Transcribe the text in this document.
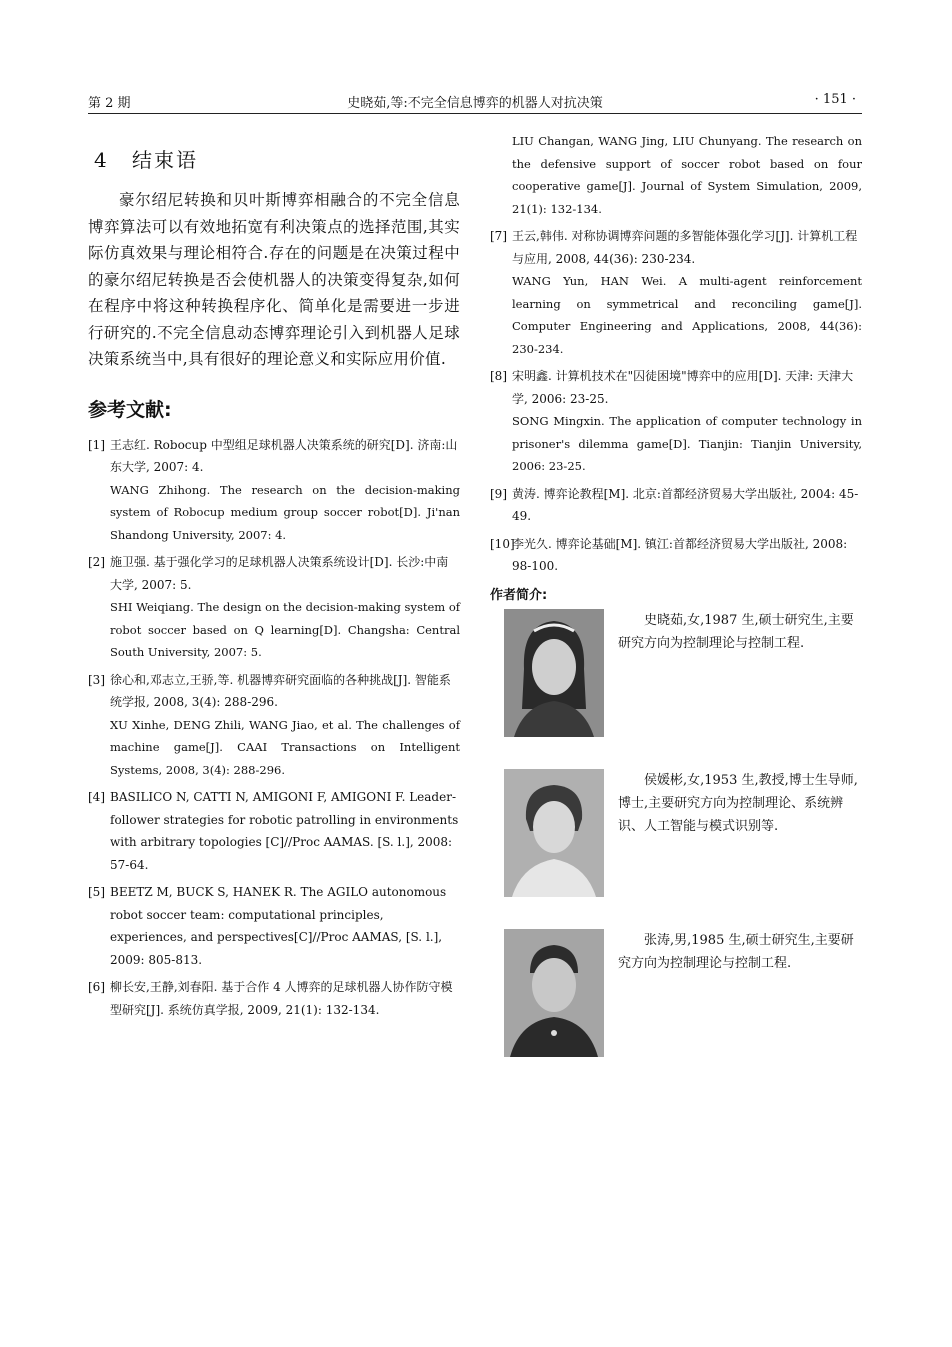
第 2 期	史晓茹,等:不完全信息博弈的机器人对抗决策	· 151 ·
4 结束语

豪尔绍尼转换和贝叶斯博弈相融合的不完全信息博弈算法可以有效地拓宽有利决策点的选择范围,其实际仿真效果与理论相符合.存在的问题是在决策过程中的豪尔绍尼转换是否会使机器人的决策变得复杂,如何在程序中将这种转换程序化、简单化是需要进一步进行研究的.不完全信息动态博弈理论引入到机器人足球决策系统当中,具有很好的理论意义和实际应用价值.

参考文献:
[1] 王志红. Robocup 中型组足球机器人决策系统的研究[D]. 济南:山东大学, 2007: 4.
WANG Zhihong. The research on the decision-making system of Robocup medium group soccer robot[D]. Ji'nan Shandong University, 2007: 4.
[2] 施卫强. 基于强化学习的足球机器人决策系统设计[D]. 长沙:中南大学, 2007: 5.
SHI Weiqiang. The design on the decision-making system of robot soccer based on Q learning[D]. Changsha: Central South University, 2007: 5.
[3] 徐心和,邓志立,王骄,等. 机器博弈研究面临的各种挑战[J]. 智能系统学报, 2008, 3(4): 288-296.
XU Xinhe, DENG Zhili, WANG Jiao, et al. The challenges of machine game[J]. CAAI Transactions on Intelligent Systems, 2008, 3(4): 288-296.
[4] BASILICO N, CATTI N, AMIGONI F, AMIGONI F. Leader-follower strategies for robotic patrolling in environments with arbitrary topologies [C]//Proc AAMAS. [S. l.], 2008: 57-64.
[5] BEETZ M, BUCK S, HANEK R. The AGILO autonomous robot soccer team: computational principles, experiences, and perspectives[C]//Proc AAMAS, [S. l.], 2009: 805-813.
[6] 柳长安,王静,刘春阳. 基于合作 4 人博弈的足球机器人协作防守模型研究[J]. 系统仿真学报, 2009, 21(1): 132-134.
LIU Changan, WANG Jing, LIU Chunyang. The research on the defensive support of soccer robot based on four cooperative game[J]. Journal of System Simulation, 2009, 21(1): 132-134.
[7] 王云,韩伟. 对称协调博弈问题的多智能体强化学习[J]. 计算机工程与应用, 2008, 44(36): 230-234.
WANG Yun, HAN Wei. A multi-agent reinforcement learning on symmetrical and reconciling game[J]. Computer Engineering and Applications, 2008, 44(36): 230-234.
[8] 宋明鑫. 计算机技术在"囚徒困境"博弈中的应用[D]. 天津: 天津大学, 2006: 23-25.
SONG Mingxin. The application of computer technology in prisoner's dilemma game[D]. Tianjin: Tianjin University, 2006: 23-25.
[9] 黄涛. 博弈论教程[M]. 北京:首都经济贸易大学出版社, 2004: 45-49.
[10]李光久. 博弈论基础[M]. 镇江:首都经济贸易大学出版社, 2008: 98-100.
作者简介:
史晓茹,女,1987 生,硕士研究生,主要研究方向为控制理论与控制工程.
侯媛彬,女,1953 生,教授,博士生导师,博士,主要研究方向为控制理论、系统辨识、人工智能与模式识别等.
张涛,男,1985 生,硕士研究生,主要研究方向为控制理论与控制工程.
